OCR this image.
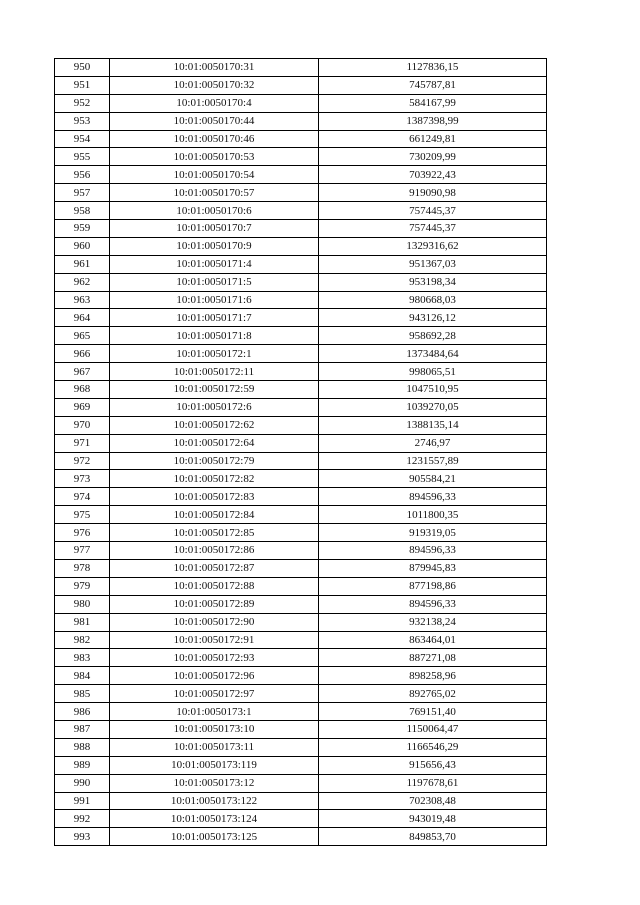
950	10:01:0050170:31	1127836,15
951	10:01:0050170:32	745787,81
952	10:01:0050170:4	584167,99
953	10:01:0050170:44	1387398,99
954	10:01:0050170:46	661249,81
955	10:01:0050170:53	730209,99
956	10:01:0050170:54	703922,43
957	10:01:0050170:57	919090,98
958	10:01:0050170:6	757445,37
959	10:01:0050170:7	757445,37
960	10:01:0050170:9	1329316,62
961	10:01:0050171:4	951367,03
962	10:01:0050171:5	953198,34
963	10:01:0050171:6	980668,03
964	10:01:0050171:7	943126,12
965	10:01:0050171:8	958692,28
966	10:01:0050172:1	1373484,64
967	10:01:0050172:11	998065,51
968	10:01:0050172:59	1047510,95
969	10:01:0050172:6	1039270,05
970	10:01:0050172:62	1388135,14
971	10:01:0050172:64	2746,97
972	10:01:0050172:79	1231557,89
973	10:01:0050172:82	905584,21
974	10:01:0050172:83	894596,33
975	10:01:0050172:84	1011800,35
976	10:01:0050172:85	919319,05
977	10:01:0050172:86	894596,33
978	10:01:0050172:87	879945,83
979	10:01:0050172:88	877198,86
980	10:01:0050172:89	894596,33
981	10:01:0050172:90	932138,24
982	10:01:0050172:91	863464,01
983	10:01:0050172:93	887271,08
984	10:01:0050172:96	898258,96
985	10:01:0050172:97	892765,02
986	10:01:0050173:1	769151,40
987	10:01:0050173:10	1150064,47
988	10:01:0050173:11	1166546,29
989	10:01:0050173:119	915656,43
990	10:01:0050173:12	1197678,61
991	10:01:0050173:122	702308,48
992	10:01:0050173:124	943019,48
993	10:01:0050173:125	849853,70
